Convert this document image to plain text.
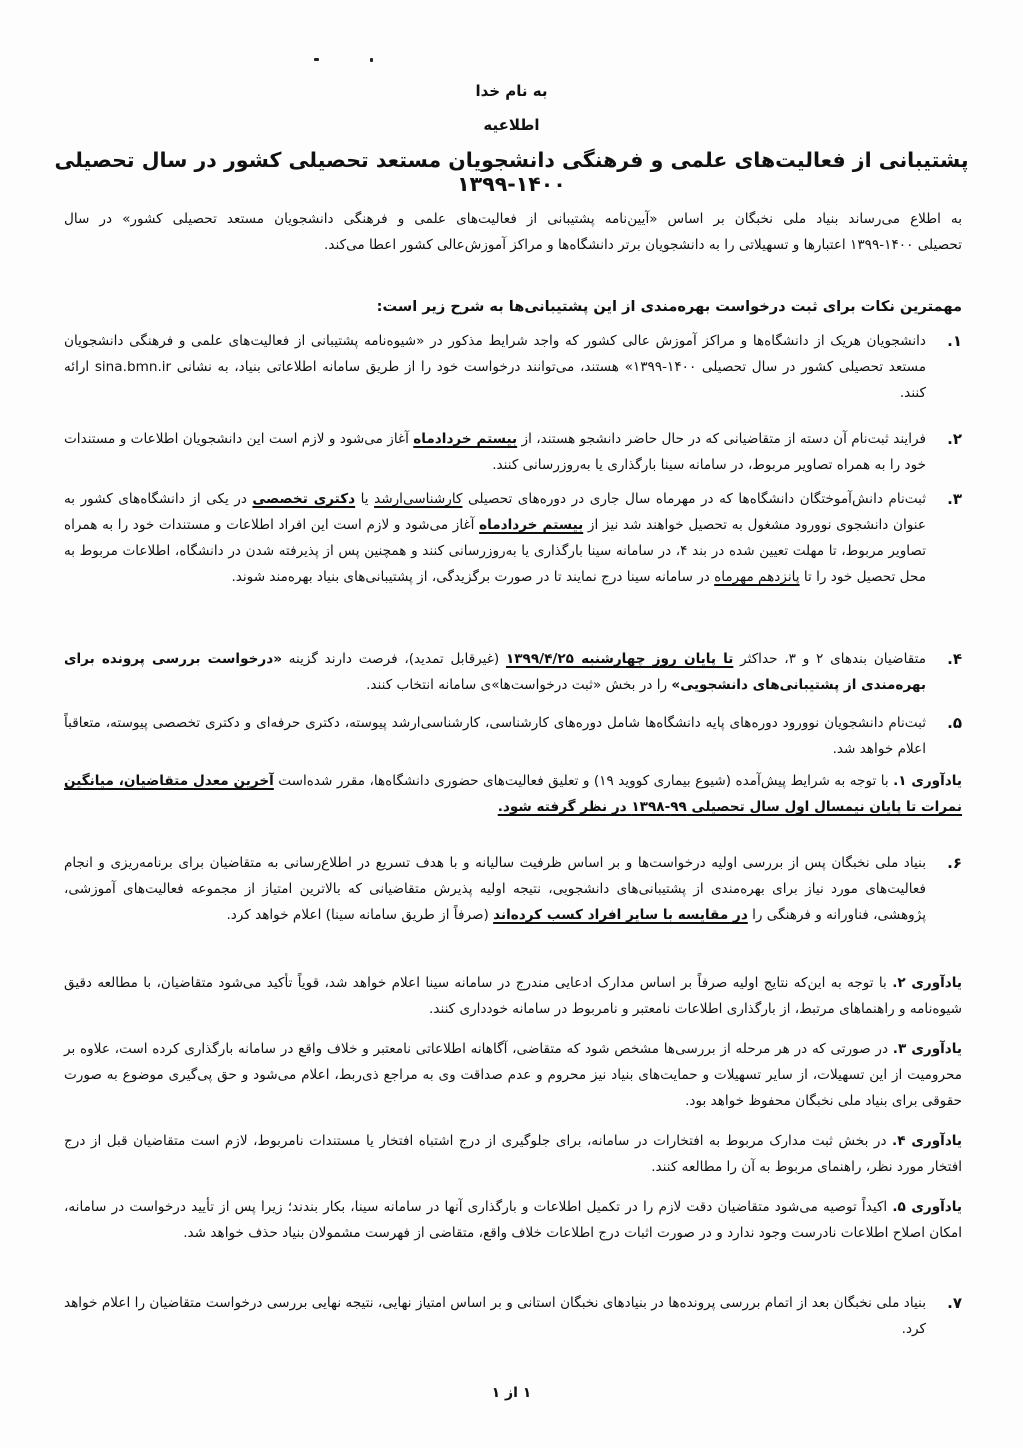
به نام خدا
اطلاعیه
پشتیبانی از فعالیت‌های علمی و فرهنگی دانشجویان مستعد تحصیلی کشور در سال تحصیلی ۱۴۰۰-۱۳۹۹
به اطلاع می‌رساند بنیاد ملی نخبگان بر اساس «آیین‌نامه پشتیبانی از فعالیت‌های علمی و فرهنگی دانشجویان مستعد تحصیلی کشور» در سال
تحصیلی ۱۴۰۰-۱۳۹۹ اعتبارها و تسهیلاتی را به دانشجویان برتر دانشگاه‌ها و مراکز آموزش‌عالی کشور اعطا می‌کند.
مهمترین نکات برای ثبت درخواست بهره‌مندی از این پشتیبانی‌ها به شرح زیر است:
۱.
دانشجویان هریک از دانشگاه‌ها و مراکز آموزش عالی کشور که واجد شرایط مذکور در «شیوه‌نامه پشتیبانی از فعالیت‌های علمی و فرهنگی دانشجویان مستعد تحصیلی کشور در سال تحصیلی ۱۴۰۰-۱۳۹۹» هستند، می‌توانند درخواست خود را از طریق سامانه اطلاعاتی بنیاد، به نشانی sina.bmn.ir ارائه کنند.
۲.
فرایند ثبت‌نام آن دسته از متقاضیانی که در حال حاضر دانشجو هستند، از بیستم خردادماه آغاز می‌شود و لازم است این دانشجویان اطلاعات و مستندات خود را به همراه تصاویر مربوط، در سامانه سینا بارگذاری یا به‌روزرسانی کنند.
۳.
ثبت‌نام دانش‌آموختگان دانشگاه‌ها که در مهرماه سال جاری در دوره‌های تحصیلی کارشناسی‌ارشد یا دکتری تخصصی در یکی از دانشگاه‌های کشور به عنوان دانشجوی نوورود مشغول به تحصیل خواهند شد نیز از بیستم خردادماه آغاز می‌شود و لازم است این افراد اطلاعات و مستندات خود را به همراه تصاویر مربوط، تا مهلت تعیین شده در بند ۴، در سامانه سینا بارگذاری یا به‌روزرسانی کنند و همچنین پس از پذیرفته شدن در دانشگاه، اطلاعات مربوط به محل تحصیل خود را تا پانزدهم مهرماه در سامانه سینا درج نمایند تا در صورت برگزیدگی، از پشتیبانی‌های بنیاد بهره‌مند شوند.
۴.
متقاضیان بندهای ۲ و ۳، حداکثر تا پایان روز چهارشنبه ۱۳۹۹/۴/۲۵ (غیرقابل تمدید)، فرصت دارند گزینه «درخواست بررسی پرونده برای بهره‌مندی از پشتیبانی‌های دانشجویی» را در بخش «ثبت درخواست‌ها»ی سامانه انتخاب کنند.
۵.
ثبت‌نام دانشجویان نوورود دوره‌های پایه دانشگاه‌ها شامل دوره‌های کارشناسی، کارشناسی‌ارشد پیوسته، دکتری حرفه‌ای و دکتری تخصصی پیوسته، متعاقباً اعلام خواهد شد.
یادآوری ۱. با توجه به شرایط پیش‌آمده (شیوع بیماری کووید ۱۹) و تعلیق فعالیت‌های حضوری دانشگاه‌ها، مقرر شده‌است آخرین معدل متقاضیان، میانگین نمرات تا پایان نیمسال اول سال تحصیلی ۹۹-۱۳۹۸ در نظر گرفته شود.
۶.
بنیاد ملی نخبگان پس از بررسی اولیه درخواست‌ها و بر اساس ظرفیت سالیانه و با هدف تسریع در اطلاع‌رسانی به متقاضیان برای برنامه‌ریزی و انجام فعالیت‌های مورد نیاز برای بهره‌مندی از پشتیبانی‌های دانشجویی، نتیجه اولیه پذیرش متقاضیانی که بالاترین امتیاز از مجموعه فعالیت‌های آموزشی، پژوهشی، فناورانه و فرهنگی را در مقایسه با سایر افراد کسب کرده‌اند (صرفاً از طریق سامانه سینا) اعلام خواهد کرد.
یادآوری ۲. با توجه به این‌که نتایج اولیه صرفاً بر اساس مدارک ادعایی مندرج در سامانه سینا اعلام خواهد شد، قویاً تأکید می‌شود متقاضیان، با مطالعه دقیق شیوه‌نامه و راهنماهای مرتبط، از بارگذاری اطلاعات نامعتبر و نامربوط در سامانه خودداری کنند.
یادآوری ۳. در صورتی که در هر مرحله از بررسی‌ها مشخص شود که متقاضی، آگاهانه اطلاعاتی نامعتبر و خلاف واقع در سامانه بارگذاری کرده است، علاوه بر محرومیت از این تسهیلات، از سایر تسهیلات و حمایت‌های بنیاد نیز محروم و عدم صداقت وی به مراجع ذی‌ربط، اعلام می‌شود و حق پی‌گیری موضوع به صورت حقوقی برای بنیاد ملی نخبگان محفوظ خواهد بود.
یادآوری ۴. در بخش ثبت مدارک مربوط به افتخارات در سامانه، برای جلوگیری از درج اشتباه افتخار یا مستندات نامربوط، لازم است متقاضیان قبل از درج افتخار مورد نظر، راهنمای مربوط به آن را مطالعه کنند.
یادآوری ۵. اکیداً توصیه می‌شود متقاضیان دقت لازم را در تکمیل اطلاعات و بارگذاری آنها در سامانه سینا، بکار بندند؛ زیرا پس از تأیید درخواست در سامانه، امکان اصلاح اطلاعات نادرست وجود ندارد و در صورت اثبات درج اطلاعات خلاف واقع، متقاضی از فهرست مشمولان بنیاد حذف خواهد شد.
۷.
بنیاد ملی نخبگان بعد از اتمام بررسی پرونده‌ها در بنیادهای نخبگان استانی و بر اساس امتیاز نهایی، نتیجه نهایی بررسی درخواست متقاضیان را اعلام خواهد کرد.
۱ از ۱
